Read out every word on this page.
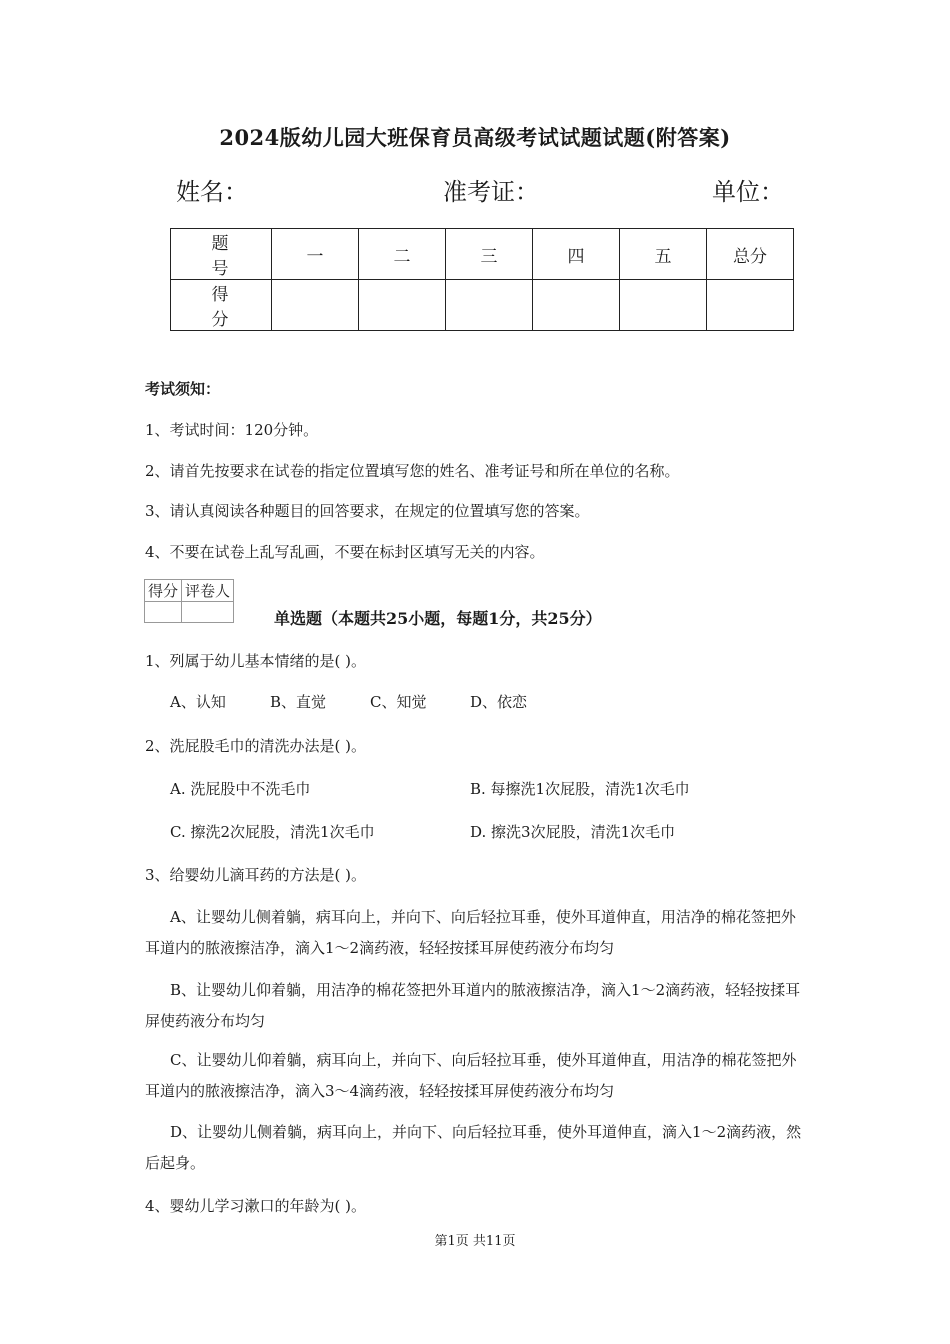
2024版幼儿园大班保育员高级考试试题试题(附答案)
姓名：	准考证：	单位：
题 号	一	二	三	四	五	总分
得 分						
考试须知：
1、考试时间：120分钟。
2、请首先按要求在试卷的指定位置填写您的姓名、准考证号和所在单位的名称。
3、请认真阅读各种题目的回答要求，在规定的位置填写您的答案。
4、不要在试卷上乱写乱画，不要在标封区填写无关的内容。
得分	评卷人

单选题（本题共25小题，每题1分，共25分）
1、列属于幼儿基本情绪的是( )。
A、认知	B、直觉	C、知觉	D、依恋
2、洗屁股毛巾的清洗办法是( )。
A. 洗屁股中不洗毛巾	B. 每擦洗1次屁股，清洗1次毛巾
C. 擦洗2次屁股，清洗1次毛巾	D. 擦洗3次屁股，清洗1次毛巾
3、给婴幼儿滴耳药的方法是( )。
A、让婴幼儿侧着躺，病耳向上，并向下、向后轻拉耳垂，使外耳道伸直，用洁净的棉花签把外耳道内的脓液擦洁净，滴入1～2滴药液，轻轻按揉耳屏使药液分布均匀
B、让婴幼儿仰着躺，用洁净的棉花签把外耳道内的脓液擦洁净，滴入1～2滴药液，轻轻按揉耳屏使药液分布均匀
C、让婴幼儿仰着躺，病耳向上，并向下、向后轻拉耳垂，使外耳道伸直，用洁净的棉花签把外耳道内的脓液擦洁净，滴入3～4滴药液，轻轻按揉耳屏使药液分布均匀
D、让婴幼儿侧着躺，病耳向上，并向下、向后轻拉耳垂，使外耳道伸直，滴入1～2滴药液，然后起身。
4、婴幼儿学习漱口的年龄为( )。
第1页 共11页
